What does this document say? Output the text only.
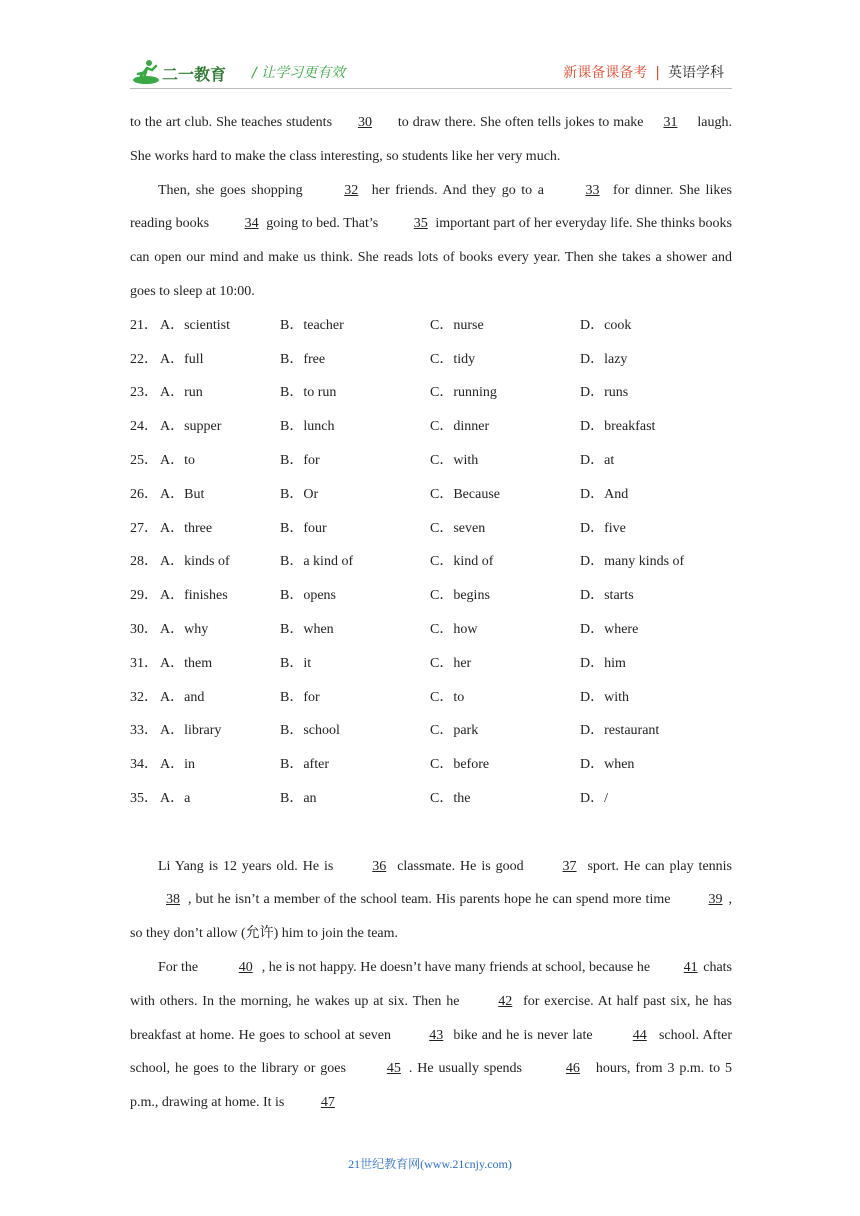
二一教育 / 让学习更有效	新课备课备考 | 英语学科

to the art club. She teaches students 30 to draw there. She often tells jokes to make 31 laugh. She works hard to make the class interesting, so students like her very much.

Then, she goes shopping	32 her friends. And they go to a	33 for dinner. She likes reading books 34 going to bed. That’s 35 important part of her everyday life. She thinks books can open our mind and make us think. She reads lots of books every year. Then she takes a shower and goes to sleep at 10:00.

21． A．scientist	B．teacher	C．nurse	D．cook
22． A．full	B．free	C．tidy	D．lazy
23． A．run	B．to run	C．running	D．runs
24． A．supper	B．lunch	C．dinner	D．breakfast
25． A．to	B．for	C．with	D．at
26． A．But	B．Or	C．Because	D．And
27． A．three	B．four	C．seven	D．five
28． A．kinds of	B．a kind of	C．kind of	D．many kinds of
29． A．finishes	B．opens	C．begins	D．starts
30． A．why	B．when	C．how	D．where
31． A．them	B．it	C．her	D．him
32． A．and	B．for	C．to	D．with
33． A．library	B．school	C．park	D．restaurant
34． A．in	B．after	C．before	D．when
35． A．a	B．an	C．the	D．/

Li Yang is 12 years old. He is 36 classmate. He is good 37 sport. He can play tennis 38 , but he isn’t a member of the school team. His parents hope he can spend more time 39 , so they don’t allow (允许) him to join the team.

For the	40 , he is not happy. He doesn’t have many friends at school, because he 41 chats with others. In the morning, he wakes up at six. Then he 42 for exercise. At half past six, he has breakfast at home. He goes to school at seven 43 bike and he is never late	44 school. After school, he goes to the library or goes	45 . He usually spends	46 hours, from 3 p.m. to 5 p.m., drawing at home. It is 47

21世纪教育网(www.21cnjy.com)
